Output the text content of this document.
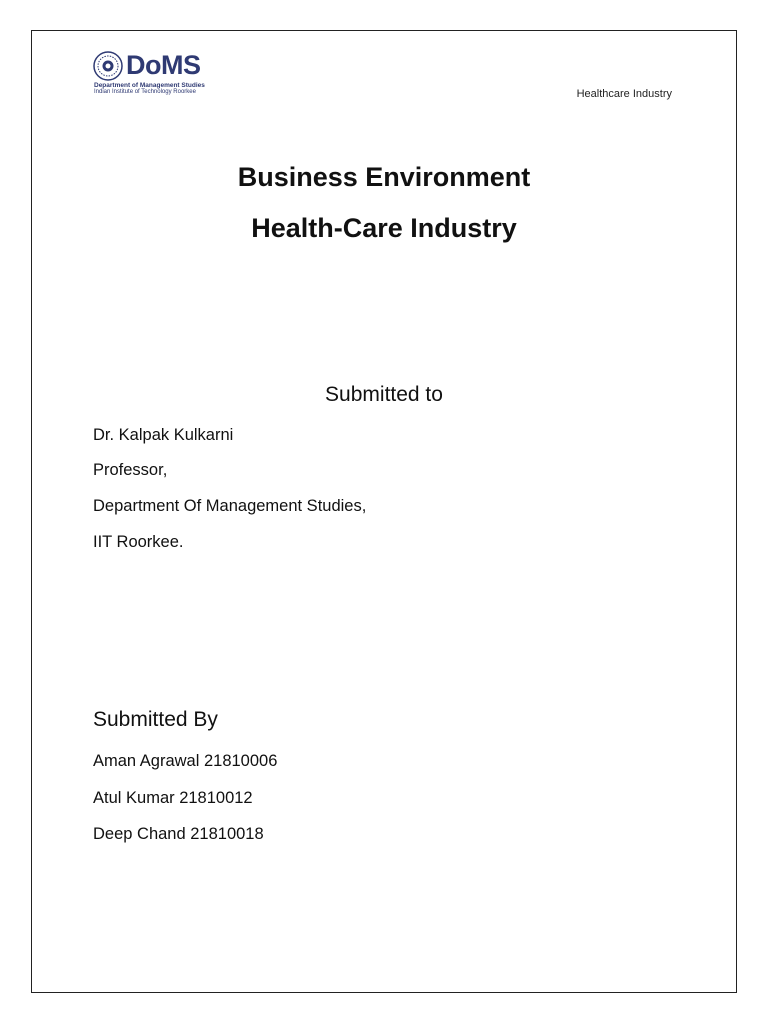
DoMS
Department of Management Studies
Indian Institute of Technology Roorkee	Healthcare Industry
Business Environment
Health-Care Industry
Submitted to
Dr. Kalpak Kulkarni
Professor,
Department Of Management Studies,
IIT Roorkee.
Submitted By
Aman Agrawal 21810006
Atul Kumar 21810012
Deep Chand 21810018
